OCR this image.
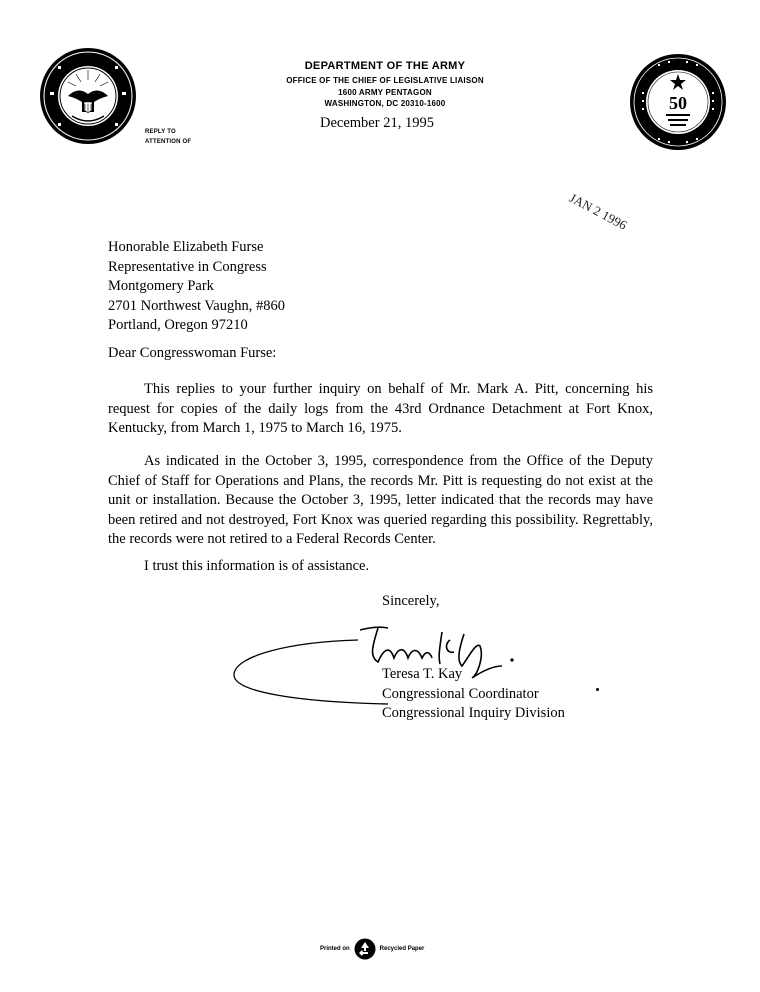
DEPARTMENT OF THE ARMY
OFFICE OF THE CHIEF OF LEGISLATIVE LIAISON
1600 ARMY PENTAGON
WASHINGTON, DC 20310-1600
December 21, 1995
REPLY TO
ATTENTION OF
50
JAN 2 1996
Honorable Elizabeth Furse
Representative in Congress
Montgomery Park
2701 Northwest Vaughn, #860
Portland, Oregon 97210
Dear Congresswoman Furse:
This replies to your further inquiry on behalf of Mr. Mark A. Pitt, concerning his request for copies of the daily logs from the 43rd Ordnance Detachment at Fort Knox, Kentucky, from March 1, 1975 to March 16, 1975.
As indicated in the October 3, 1995, correspondence from the Office of the Deputy Chief of Staff for Operations and Plans, the records Mr. Pitt is requesting do not exist at the unit or installation. Because the October 3, 1995, letter indicated that the records may have been retired and not destroyed, Fort Knox was queried regarding this possibility. Regrettably, the records were not retired to a Federal Records Center.
I trust this information is of assistance.
Sincerely,
Teresa T. Kay
Congressional Coordinator
Congressional Inquiry Division
Printed on	Recycled Paper
